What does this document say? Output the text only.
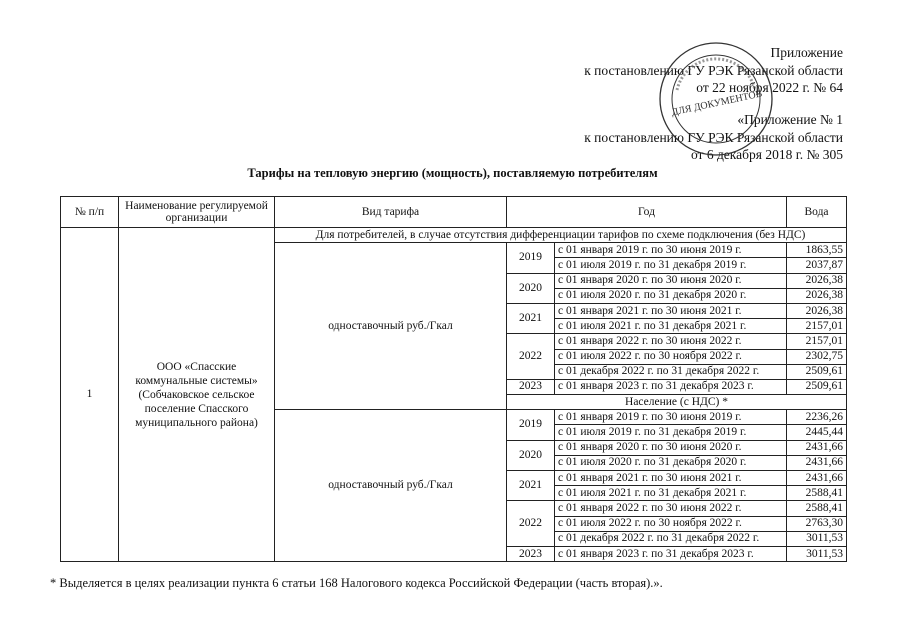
Приложение
к постановлению ГУ РЭК Рязанской области
от 22 ноября 2022 г. № 64
«Приложение № 1
к постановлению ГУ РЭК Рязанской области
от 6 декабря 2018 г. № 305
ДЛЯ ДОКУМЕНТОВ
Тарифы на тепловую энергию (мощность), поставляемую потребителям
№ п/п	Наименование регулируемой организации	Вид тарифа	Год		Вода
1	ООО «Спасские коммунальные системы» (Собчаковское сельское поселение Спасского муниципального района)	Для потребителей, в случае отсутствия дифференциации тарифов по схеме подключения (без НДС)			
		одноставочный руб./Гкал	2019	с 01 января 2019 г. по 30 июня 2019 г.	1863,55
				с 01 июля 2019 г. по 31 декабря 2019 г.	2037,87
			2020	с 01 января 2020 г. по 30 июня 2020 г.	2026,38
				с 01 июля 2020 г. по 31 декабря 2020 г.	2026,38
			2021	с 01 января 2021 г. по 30 июня 2021 г.	2026,38
				с 01 июля 2021 г. по 31 декабря 2021 г.	2157,01
			2022	с 01 января 2022 г. по 30 июня 2022 г.	2157,01
				с 01 июля 2022 г. по 30 ноября 2022 г.	2302,75
				с 01 декабря 2022 г. по 31 декабря 2022 г.	2509,61
			2023	с 01 января 2023 г. по 31 декабря 2023 г.	2509,61
			Население (с НДС) *		
		одноставочный руб./Гкал	2019	с 01 января 2019 г. по 30 июня 2019 г.	2236,26
				с 01 июля 2019 г. по 31 декабря 2019 г.	2445,44
			2020	с 01 января 2020 г. по 30 июня 2020 г.	2431,66
				с 01 июля 2020 г. по 31 декабря 2020 г.	2431,66
			2021	с 01 января 2021 г. по 30 июня 2021 г.	2431,66
				с 01 июля 2021 г. по 31 декабря 2021 г.	2588,41
			2022	с 01 января 2022 г. по 30 июня 2022 г.	2588,41
				с 01 июля 2022 г. по 30 ноября 2022 г.	2763,30
				с 01 декабря 2022 г. по 31 декабря 2022 г.	3011,53
			2023	с 01 января 2023 г. по 31 декабря 2023 г.	3011,53
* Выделяется в целях реализации пункта 6 статьи 168 Налогового кодекса Российской Федерации (часть вторая).».
